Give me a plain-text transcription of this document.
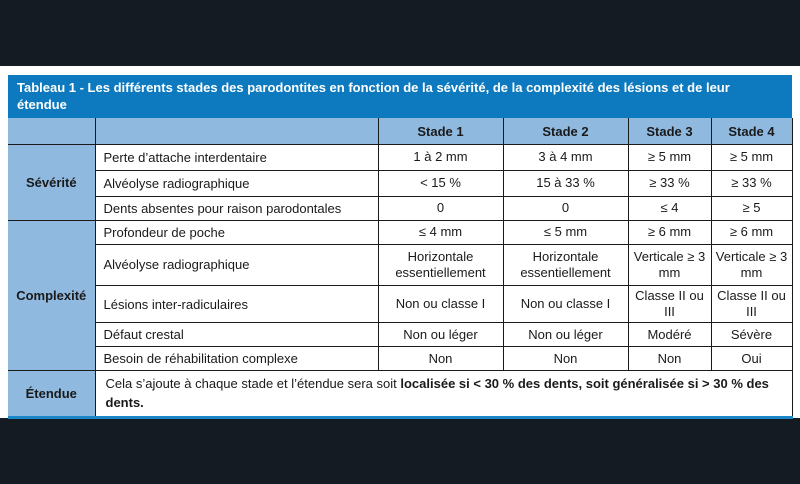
Tableau 1 - Les différents stades des parodontites en fonction de la sévérité, de la complexité des lésions et de leur étendue
		Stade 1	Stade 2	Stade 3	Stade 4
Sévérité	Perte d’attache interdentaire	1 à 2 mm	3 à 4 mm	≥ 5 mm	≥ 5 mm
	Alvéolyse radiographique	< 15 %	15 à 33 %	≥ 33 %	≥ 33 %
	Dents absentes pour raison parodontales	0	0	≤ 4	≥ 5
Complexité	Profondeur de poche	≤ 4 mm	≤ 5 mm	≥ 6 mm	≥ 6 mm
	Alvéolyse radiographique	Horizontale essentiellement	Horizontale essentiellement	Verticale ≥ 3 mm	Verticale ≥ 3 mm
	Lésions inter-radiculaires	Non ou classe I	Non ou classe I	Classe II ou III	Classe II ou III
	Défaut crestal	Non ou léger	Non ou léger	Modéré	Sévère
	Besoin de réhabilitation complexe	Non	Non	Non	Oui
Étendue	Cela s’ajoute à chaque stade et l’étendue sera soit localisée si < 30 % des dents, soit généralisée si > 30 % des dents.				
